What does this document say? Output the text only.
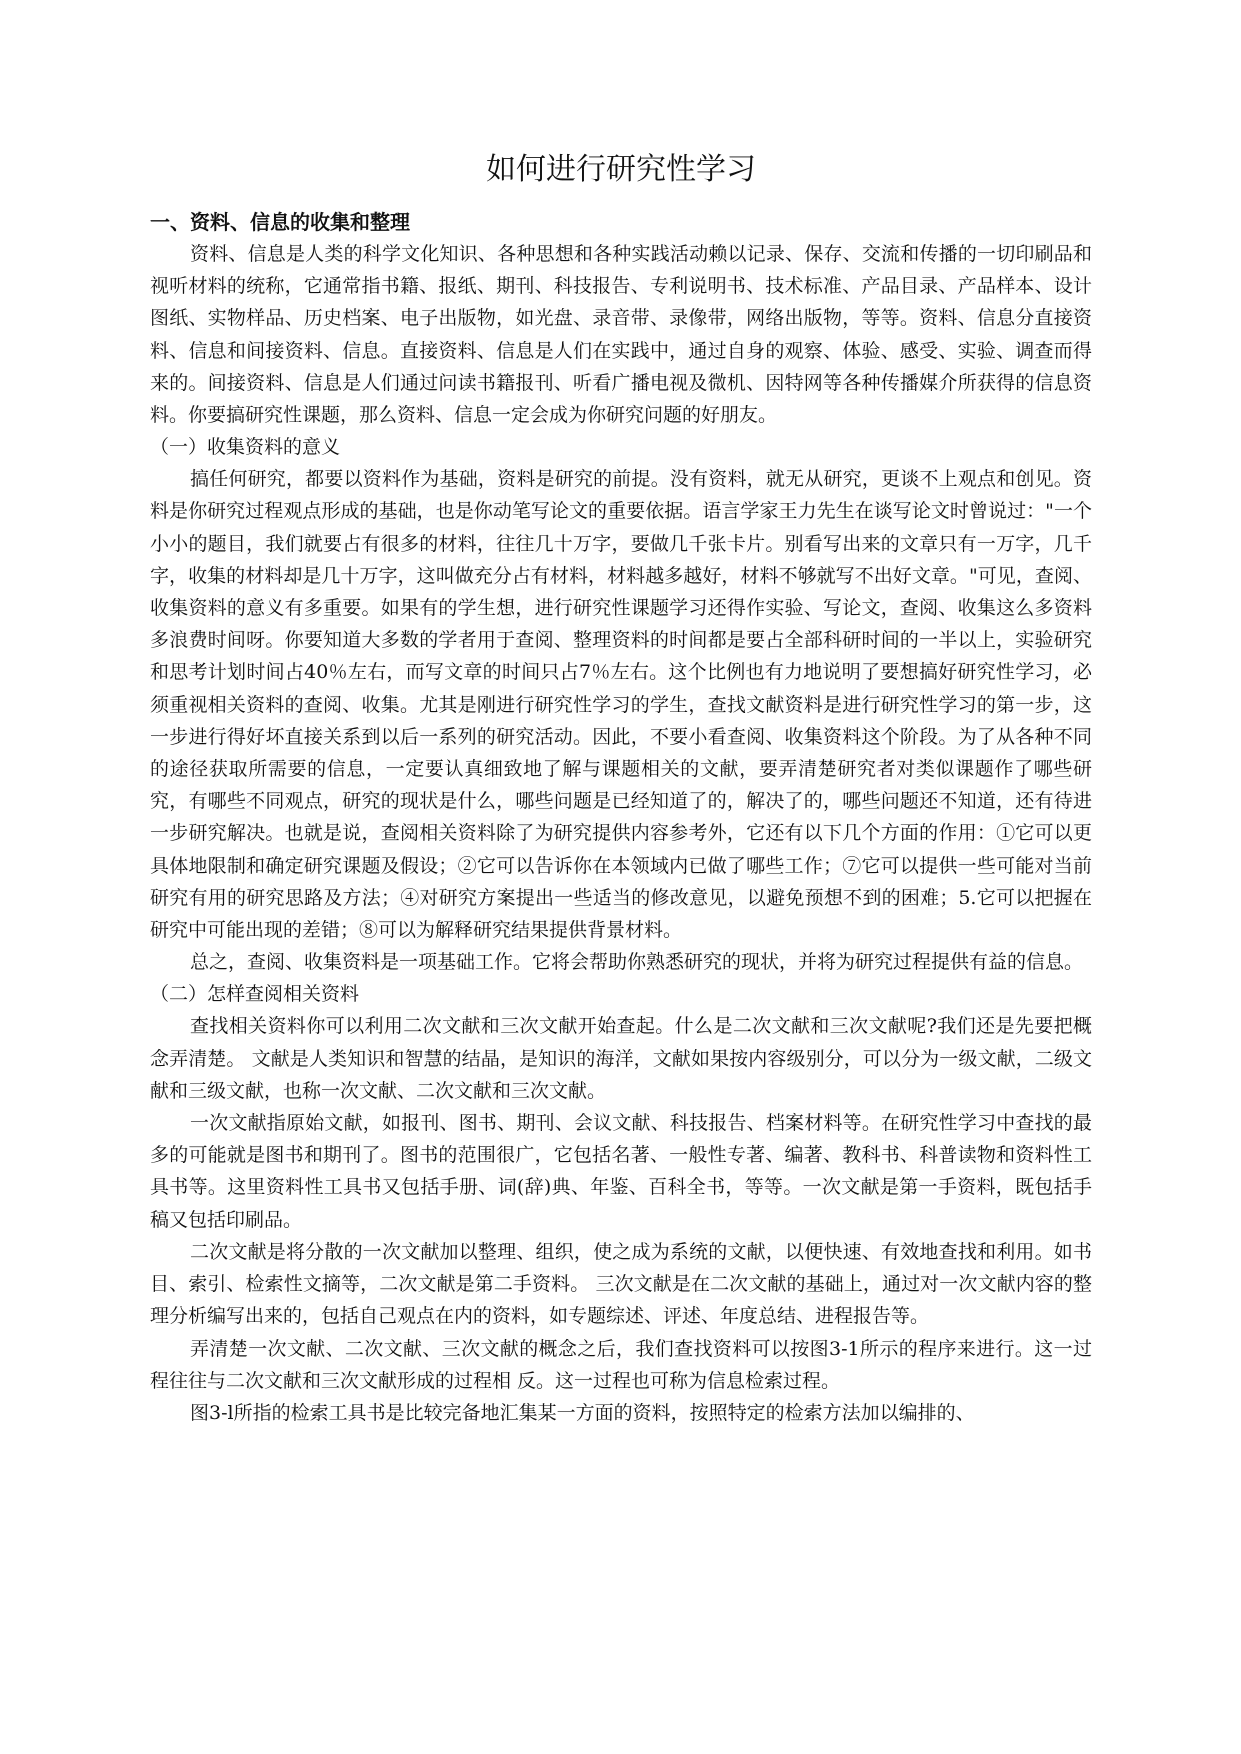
如何进行研究性学习
一、资料、信息的收集和整理

资料、信息是人类的科学文化知识、各种思想和各种实践活动赖以记录、保存、交流和传播的一切印刷品和视听材料的统称，它通常指书籍、报纸、期刊、科技报告、专利说明书、技术标准、产品目录、产品样本、设计图纸、实物样品、历史档案、电子出版物，如光盘、录音带、录像带，网络出版物，等等。资料、信息分直接资料、信息和间接资料、信息。直接资料、信息是人们在实践中，通过自身的观察、体验、感受、实验、调查而得来的。间接资料、信息是人们通过问读书籍报刊、听看广播电视及微机、因特网等各种传播媒介所获得的信息资料。你要搞研究性课题，那么资料、信息一定会成为你研究问题的好朋友。

（一）收集资料的意义

搞任何研究，都要以资料作为基础，资料是研究的前提。没有资料，就无从研究，更谈不上观点和创见。资料是你研究过程观点形成的基础，也是你动笔写论文的重要依据。语言学家王力先生在谈写论文时曾说过："一个小小的题目，我们就要占有很多的材料，往往几十万字，要做几千张卡片。别看写出来的文章只有一万字，几千字，收集的材料却是几十万字，这叫做充分占有材料，材料越多越好，材料不够就写不出好文章。"可见，查阅、收集资料的意义有多重要。如果有的学生想，进行研究性课题学习还得作实验、写论文，查阅、收集这么多资料多浪费时间呀。你要知道大多数的学者用于查阅、整理资料的时间都是要占全部科研时间的一半以上，实验研究和思考计划时间占40％左右，而写文章的时间只占7％左右。这个比例也有力地说明了要想搞好研究性学习，必须重视相关资料的查阅、收集。尤其是刚进行研究性学习的学生，查找文献资料是进行研究性学习的第一步，这一步进行得好坏直接关系到以后一系列的研究活动。因此，不要小看查阅、收集资料这个阶段。为了从各种不同的途径获取所需要的信息，一定要认真细致地了解与课题相关的文献，要弄清楚研究者对类似课题作了哪些研究，有哪些不同观点，研究的现状是什么，哪些问题是已经知道了的，解决了的，哪些问题还不知道，还有待进一步研究解决。也就是说，查阅相关资料除了为研究提供内容参考外，它还有以下几个方面的作用：①它可以更具体地限制和确定研究课题及假设；②它可以告诉你在本领域内已做了哪些工作；⑦它可以提供一些可能对当前研究有用的研究思路及方法；④对研究方案提出一些适当的修改意见，以避免预想不到的困难；5.它可以把握在研究中可能出现的差错；⑧可以为解释研究结果提供背景材料。

总之，查阅、收集资料是一项基础工作。它将会帮助你熟悉研究的现状，并将为研究过程提供有益的信息。

（二）怎样查阅相关资料

查找相关资料你可以利用二次文献和三次文献开始查起。什么是二次文献和三次文献呢?我们还是先要把概念弄清楚。 文献是人类知识和智慧的结晶，是知识的海洋，文献如果按内容级别分，可以分为一级文献，二级文献和三级文献，也称一次文献、二次文献和三次文献。

一次文献指原始文献，如报刊、图书、期刊、会议文献、科技报告、档案材料等。在研究性学习中查找的最多的可能就是图书和期刊了。图书的范围很广，它包括名著、一般性专著、编著、教科书、科普读物和资料性工具书等。这里资料性工具书又包括手册、词(辞)典、年鉴、百科全书，等等。一次文献是第一手资料，既包括手稿又包括印刷品。

二次文献是将分散的一次文献加以整理、组织，使之成为系统的文献，以便快速、有效地查找和利用。如书目、索引、检索性文摘等，二次文献是第二手资料。 三次文献是在二次文献的基础上，通过对一次文献内容的整理分析编写出来的，包括自己观点在内的资料，如专题综述、评述、年度总结、进程报告等。

弄清楚一次文献、二次文献、三次文献的概念之后，我们查找资料可以按图3-1所示的程序来进行。这一过程往往与二次文献和三次文献形成的过程相 反。这一过程也可称为信息检索过程。

图3-l所指的检索工具书是比较完备地汇集某一方面的资料，按照特定的检索方法加以编排的、
